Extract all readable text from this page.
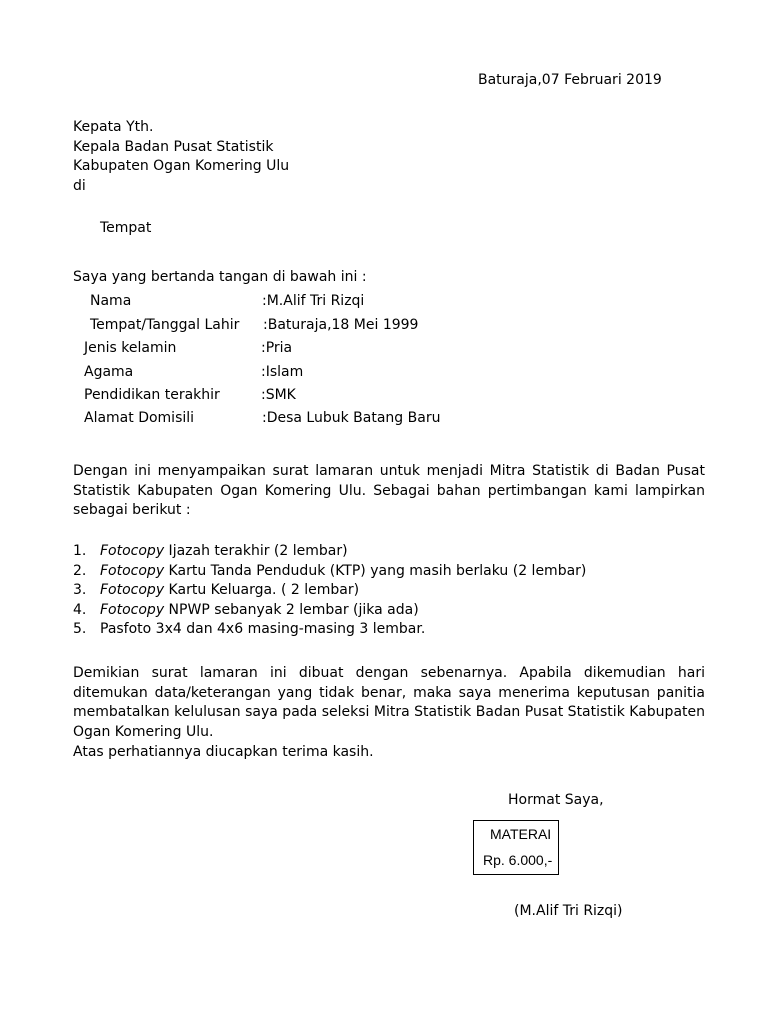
Baturaja,07 Februari 2019
Kepata Yth.
Kepala Badan Pusat Statistik
Kabupaten Ogan Komering Ulu
di
Tempat
Saya yang bertanda tangan di bawah ini :
Nama	:M.Alif Tri Rizqi
Tempat/Tanggal Lahir :Baturaja,18 Mei 1999
Jenis kelamin	:Pria
Agama	:Islam
Pendidikan terakhir	:SMK
Alamat Domisili	:Desa Lubuk Batang Baru
Dengan ini menyampaikan surat lamaran untuk menjadi Mitra Statistik di Badan Pusat Statistik Kabupaten Ogan Komering Ulu. Sebagai bahan pertimbangan kami lampirkan sebagai berikut :
1. Fotocopy Ijazah terakhir (2 lembar)
2. Fotocopy Kartu Tanda Penduduk (KTP) yang masih berlaku (2 lembar)
3. Fotocopy Kartu Keluarga. ( 2 lembar)
4. Fotocopy NPWP sebanyak 2 lembar (jika ada)
5. Pasfoto 3x4 dan 4x6 masing-masing 3 lembar.
Demikian surat lamaran ini dibuat dengan sebenarnya. Apabila dikemudian hari ditemukan data/keterangan yang tidak benar, maka saya menerima keputusan panitia membatalkan kelulusan saya pada seleksi Mitra Statistik Badan Pusat Statistik Kabupaten Ogan Komering Ulu.
Atas perhatiannya diucapkan terima kasih.
Hormat Saya,
MATERAI
Rp. 6.000,-
(M.Alif Tri Rizqi)
